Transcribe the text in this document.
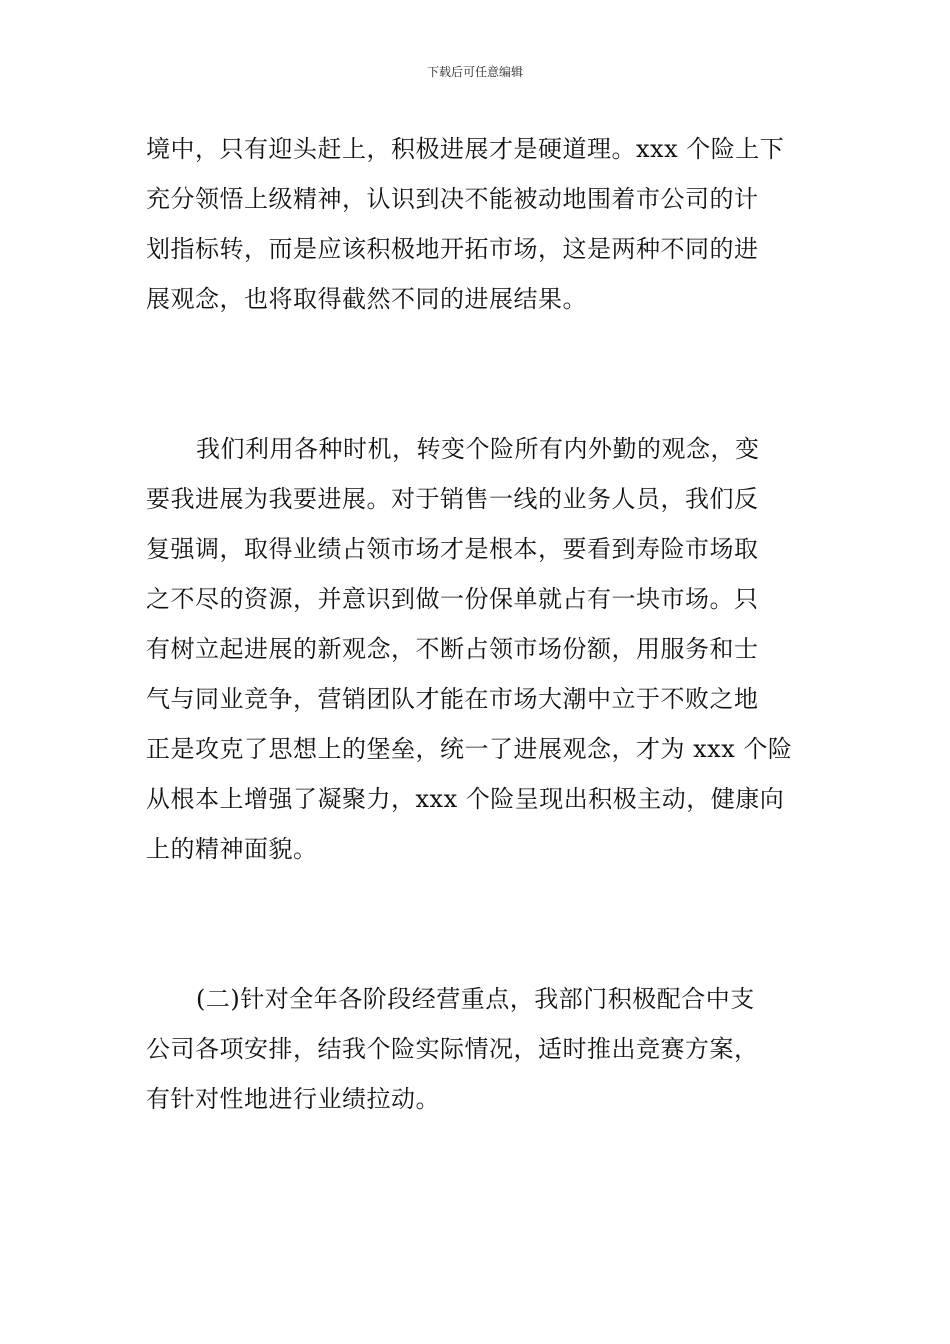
下载后可任意编辑
境中，只有迎头赶上，积极进展才是硬道理。xxx 个险上下
充分领悟上级精神，认识到决不能被动地围着市公司的计
划指标转，而是应该积极地开拓市场，这是两种不同的进
展观念，也将取得截然不同的进展结果。
我们利用各种时机，转变个险所有内外勤的观念，变
要我进展为我要进展。对于销售一线的业务人员，我们反
复强调，取得业绩占领市场才是根本，要看到寿险市场取
之不尽的资源，并意识到做一份保单就占有一块市场。只
有树立起进展的新观念，不断占领市场份额，用服务和士
气与同业竞争，营销团队才能在市场大潮中立于不败之地
正是攻克了思想上的堡垒，统一了进展观念，才为 xxx 个险
从根本上增强了凝聚力，xxx 个险呈现出积极主动，健康向
上的精神面貌。
(二)针对全年各阶段经营重点，我部门积极配合中支
公司各项安排，结我个险实际情况，适时推出竞赛方案，
有针对性地进行业绩拉动。
